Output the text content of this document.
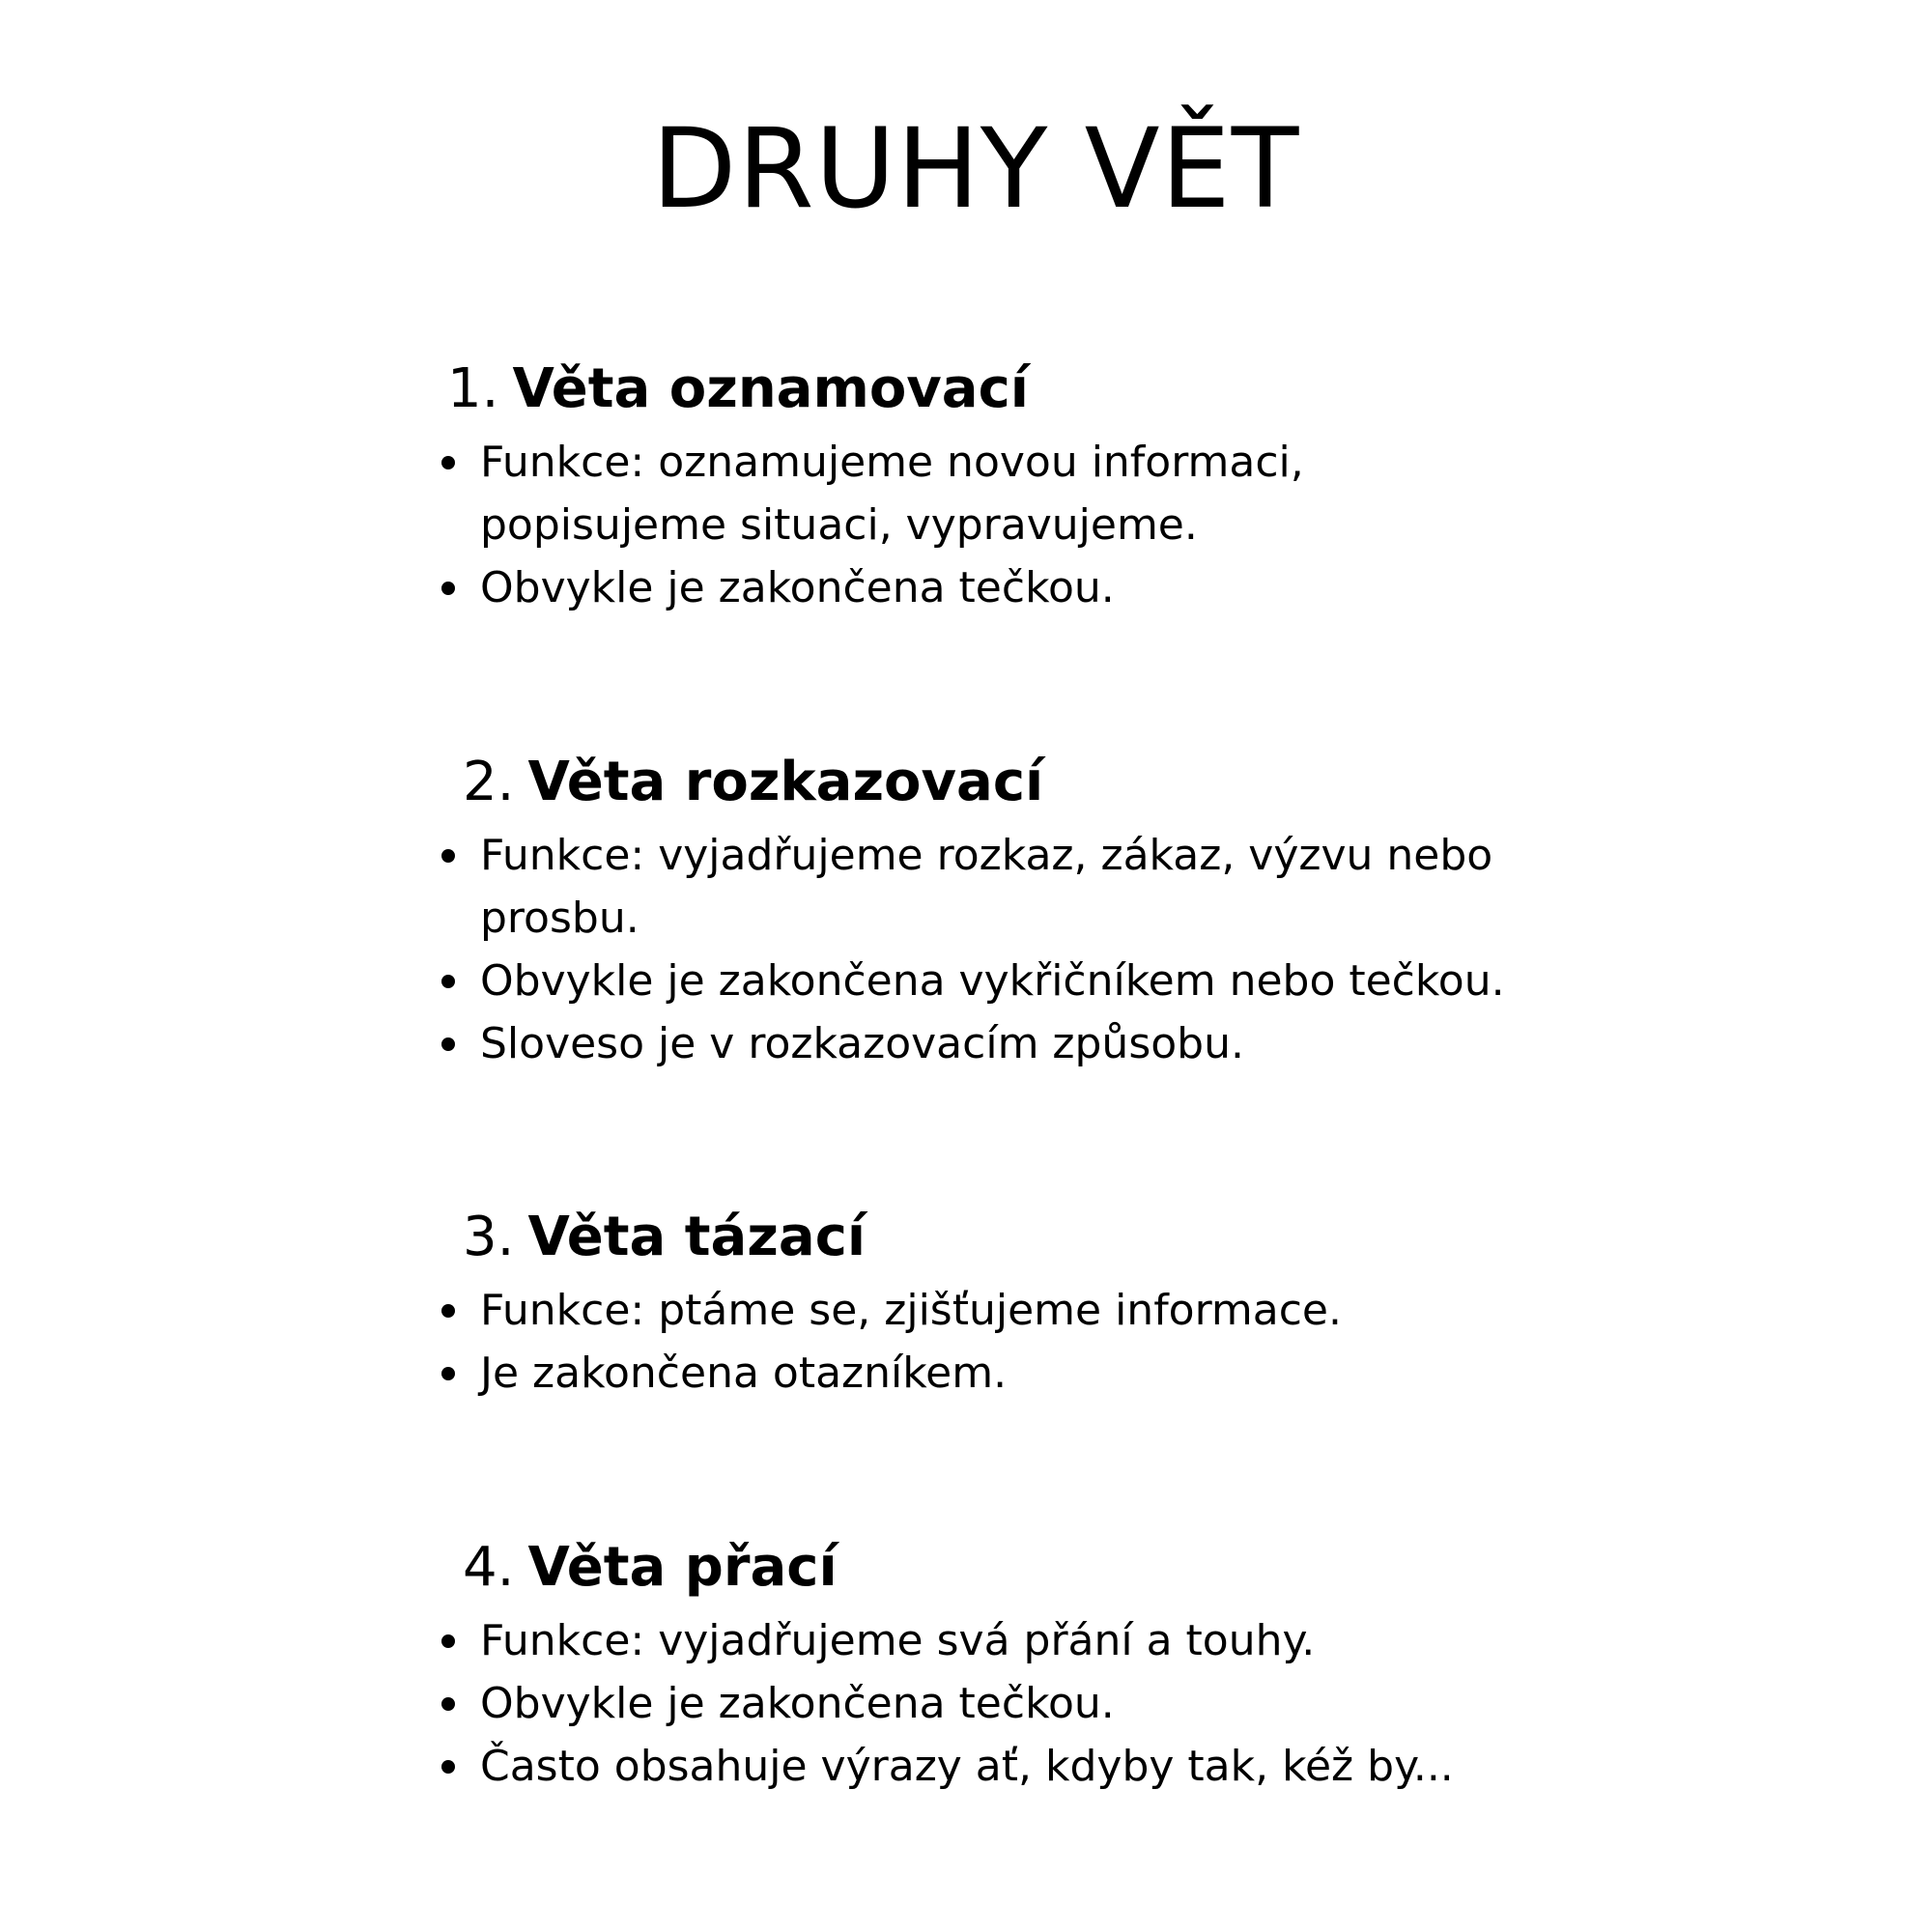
DRUHY VĚT
1. Věta oznamovací
Funkce: oznamujeme novou informaci,
popisujeme situaci, vypravujeme.
Obvykle je zakončena tečkou.
2. Věta rozkazovací
Funkce: vyjadřujeme rozkaz, zákaz, výzvu nebo
prosbu.
Obvykle je zakončena vykřičníkem nebo tečkou.
Sloveso je v rozkazovacím způsobu.
3. Věta tázací
Funkce: ptáme se, zjišťujeme informace.
Je zakončena otazníkem.
4. Věta přací
Funkce: vyjadřujeme svá přání a touhy.
Obvykle je zakončena tečkou.
Často obsahuje výrazy ať, kdyby tak, kéž by...
